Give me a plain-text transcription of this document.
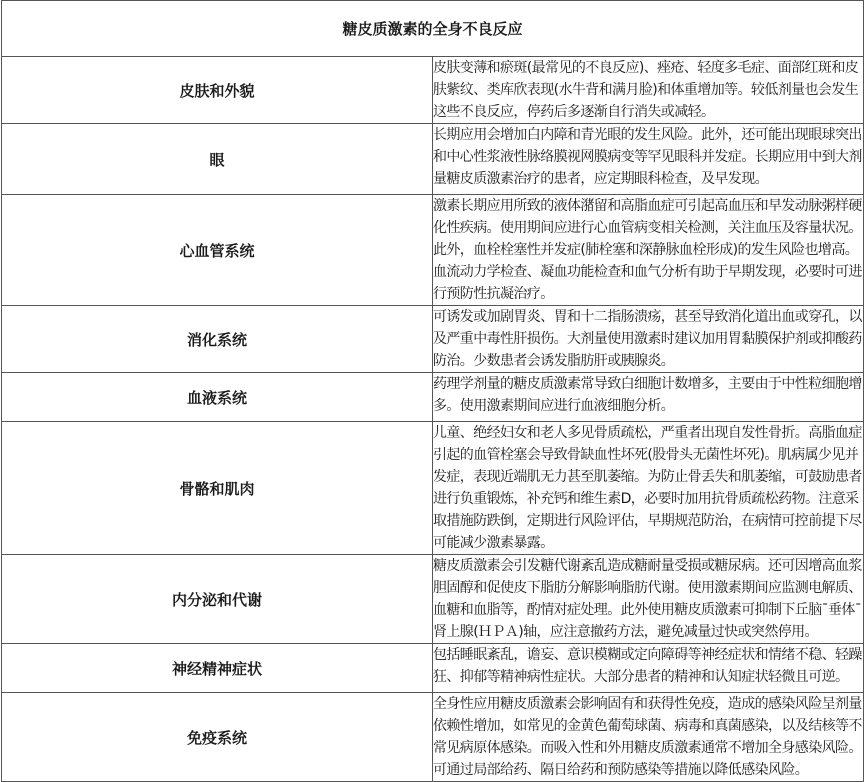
糖皮质激素的全身不良反应	
皮肤和外貌	皮肤变薄和瘀斑(最常见的不良反应)、痤疮、轻度多毛症、面部红斑和皮肤紫纹、类库欣表现(水牛背和满月脸)和体重增加等。较低剂量也会发生这些不良反应，停药后多逐渐自行消失或减轻。
眼	长期应用会增加白内障和青光眼的发生风险。此外，还可能出现眼球突出和中心性浆液性脉络膜视网膜病变等罕见眼科并发症。长期应用中到大剂量糖皮质激素治疗的患者，应定期眼科检查，及早发现。
心血管系统	激素长期应用所致的液体潴留和高脂血症可引起高血压和早发动脉粥样硬化性疾病。使用期间应进行心血管病变相关检测，关注血压及容量状况。此外，血栓栓塞性并发症(肺栓塞和深静脉血栓形成)的发生风险也增高。血流动力学检查、凝血功能检查和血气分析有助于早期发现，必要时可进行预防性抗凝治疗。
消化系统	可诱发或加剧胃炎、胃和十二指肠溃疡，甚至导致消化道出血或穿孔，以及严重中毒性肝损伤。大剂量使用激素时建议加用胃黏膜保护剂或抑酸药防治。少数患者会诱发脂肪肝或胰腺炎。
血液系统	药理学剂量的糖皮质激素常导致白细胞计数增多，主要由于中性粒细胞增多。使用激素期间应进行血液细胞分析。
骨骼和肌肉	儿童、绝经妇女和老人多见骨质疏松，严重者出现自发性骨折。高脂血症引起的血管栓塞会导致骨缺血性坏死(股骨头无菌性坏死)。肌病属少见并发症，表现近端肌无力甚至肌萎缩。为防止骨丢失和肌萎缩，可鼓励患者进行负重锻炼，补充钙和维生素D，必要时加用抗骨质疏松药物。注意采取措施防跌倒，定期进行风险评估，早期规范防治，在病情可控前提下尽可能减少激素暴露。
内分泌和代谢	糖皮质激素会引发糖代谢紊乱造成糖耐量受损或糖尿病。还可因增高血浆胆固醇和促使皮下脂肪分解影响脂肪代谢。使用激素期间应监测电解质、血糖和血脂等，酌情对症处理。此外使用糖皮质激素可抑制下丘脑¯垂体¯肾上腺(ＨＰＡ)轴，应注意撤药方法，避免减量过快或突然停用。
神经精神症状	包括睡眠紊乱，谵妄、意识模糊或定向障碍等神经症状和情绪不稳、轻躁狂、抑郁等精神病性症状。大部分患者的精神和认知症状轻微且可逆。
免疫系统	全身性应用糖皮质激素会影响固有和获得性免疫，造成的感染风险呈剂量依赖性增加，如常见的金黄色葡萄球菌、病毒和真菌感染，以及结核等不常见病原体感染。而吸入性和外用糖皮质激素通常不增加全身感染风险。可通过局部给药、隔日给药和预防感染等措施以降低感染风险。
